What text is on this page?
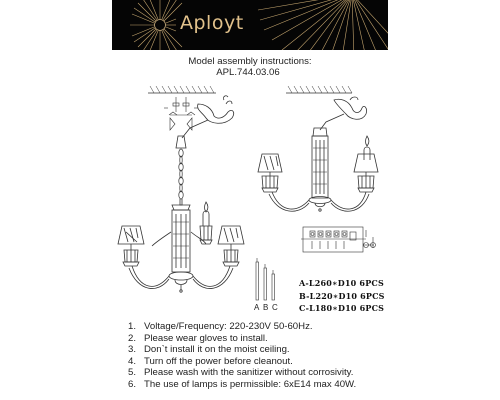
Aployt
Model assembly instructions:
APL.744.03.06
A B C
A-L260∗D10 6PCS
B-L220∗D10 6PCS
C-L180∗D10 6PCS
1. Voltage/Frequency: 220-230V 50-60Hz.
2. Please wear gloves to install.
3. Don`t install it on the moist ceiling.
4. Turn off the power before cleanout.
5. Please wash with the sanitizer without corrosivity.
6. The use of lamps is permissible: 6xE14 max 40W.
